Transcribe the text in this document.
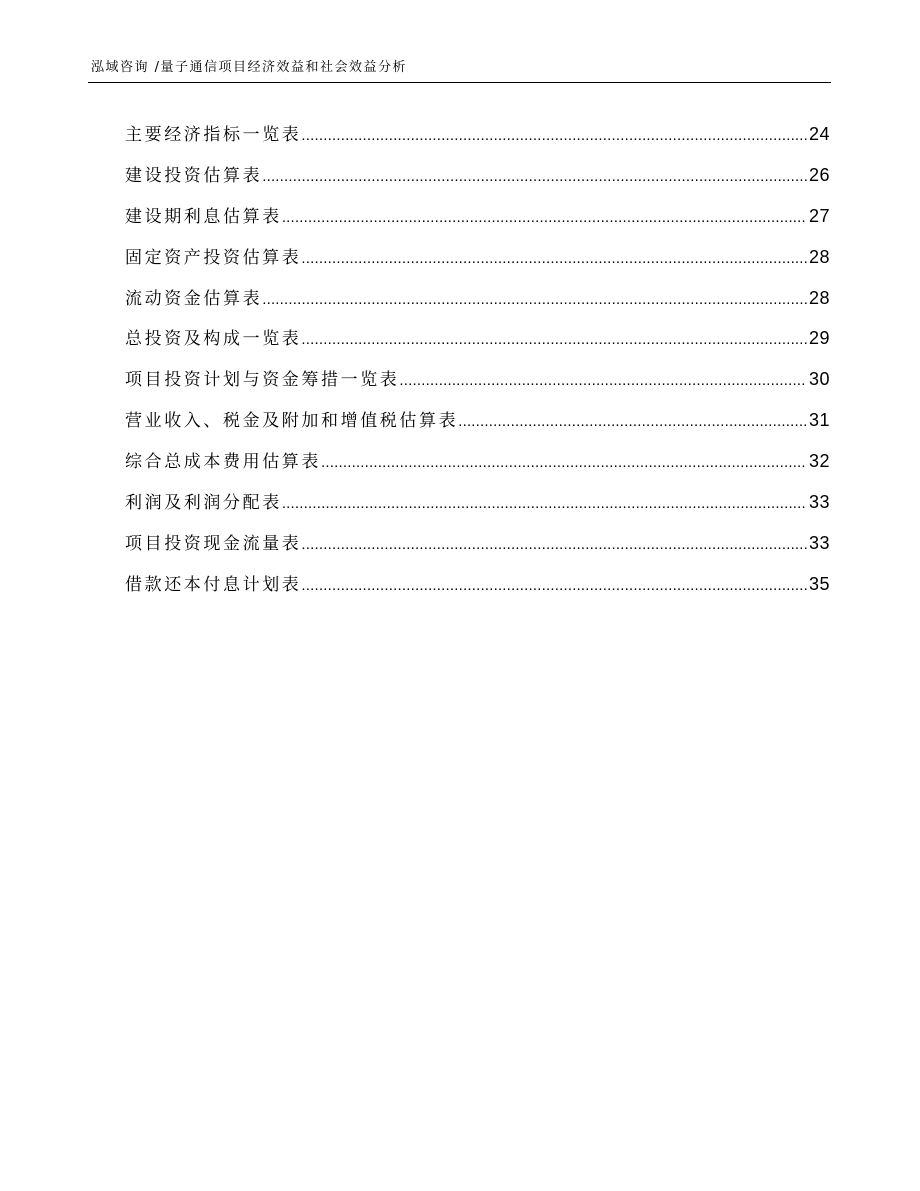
泓域咨询 /量子通信项目经济效益和社会效益分析
主要经济指标一览表 .....	24
建设投资估算表 .....	26
建设期利息估算表 .....	27
固定资产投资估算表 .....	28
流动资金估算表 .....	28
总投资及构成一览表 .....	29
项目投资计划与资金筹措一览表 .....	30
营业收入、税金及附加和增值税估算表 .....	31
综合总成本费用估算表 .....	32
利润及利润分配表 .....	33
项目投资现金流量表 .....	33
借款还本付息计划表 .....	35
